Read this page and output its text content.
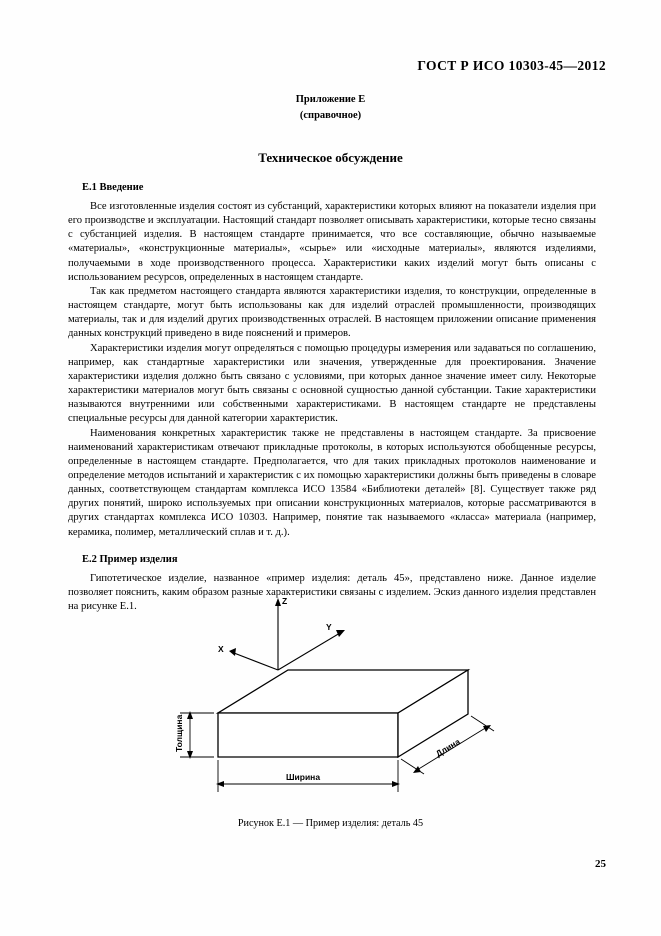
ГОСТ Р ИСО 10303-45—2012
Приложение Е
(справочное)
Техническое обсуждение
Е.1 Введение

Все изготовленные изделия состоят из субстанций, характеристики которых влияют на показатели изделия при его производстве и эксплуатации. Настоящий стандарт позволяет описывать характеристики, которые тесно связаны с субстанцией изделия. В настоящем стандарте принимается, что все составляющие, обычно называемые «материалы», «конструкционные материалы», «сырье» или «исходные материалы», являются изделиями, получаемыми в ходе производственного процесса. Характеристики каких изделий могут быть описаны с использованием ресурсов, определенных в настоящем стандарте.

Так как предметом настоящего стандарта являются характеристики изделия, то конструкции, определенные в настоящем стандарте, могут быть использованы как для изделий отраслей промышленности, производящих материалы, так и для изделий других производственных отраслей. В настоящем приложении описание применения данных конструкций приведено в виде пояснений и примеров.

Характеристики изделия могут определяться с помощью процедуры измерения или задаваться по соглашению, например, как стандартные характеристики или значения, утвержденные для проектирования. Значение характеристики изделия должно быть связано с условиями, при которых данное значение имеет силу. Некоторые характеристики материалов могут быть связаны с основной сущностью данной субстанции. Такие характеристики называются внутренними или собственными характеристиками. В настоящем стандарте не представлены специальные ресурсы для данной категории характеристик.

Наименования конкретных характеристик также не представлены в настоящем стандарте. За присвоение наименований характеристикам отвечают прикладные протоколы, в которых используются обобщенные ресурсы, определенные в настоящем стандарте. Предполагается, что для таких прикладных протоколов наименование и определение методов испытаний и характеристик с их помощью характеристики должны быть приведены в словаре данных, соответствующем стандартам комплекса ИСО 13584 «Библиотеки деталей» [8]. Существует также ряд других понятий, широко используемых при описании конструкционных материалов, которые рассматриваются в других стандартах комплекса ИСО 10303. Например, понятие так называемого «класса» материала (например, керамика, полимер, металлический сплав и т. д.).

Е.2 Пример изделия

Гипотетическое изделие, названное «пример изделия: деталь 45», представлено ниже. Данное изделие позволяет пояснить, каким образом разные характеристики связаны с изделием. Эскиз данного изделия представлен на рисунке Е.1.

Z
Y
X
Толщина
Ширина
Длина
Рисунок Е.1 — Пример изделия: деталь 45
25
